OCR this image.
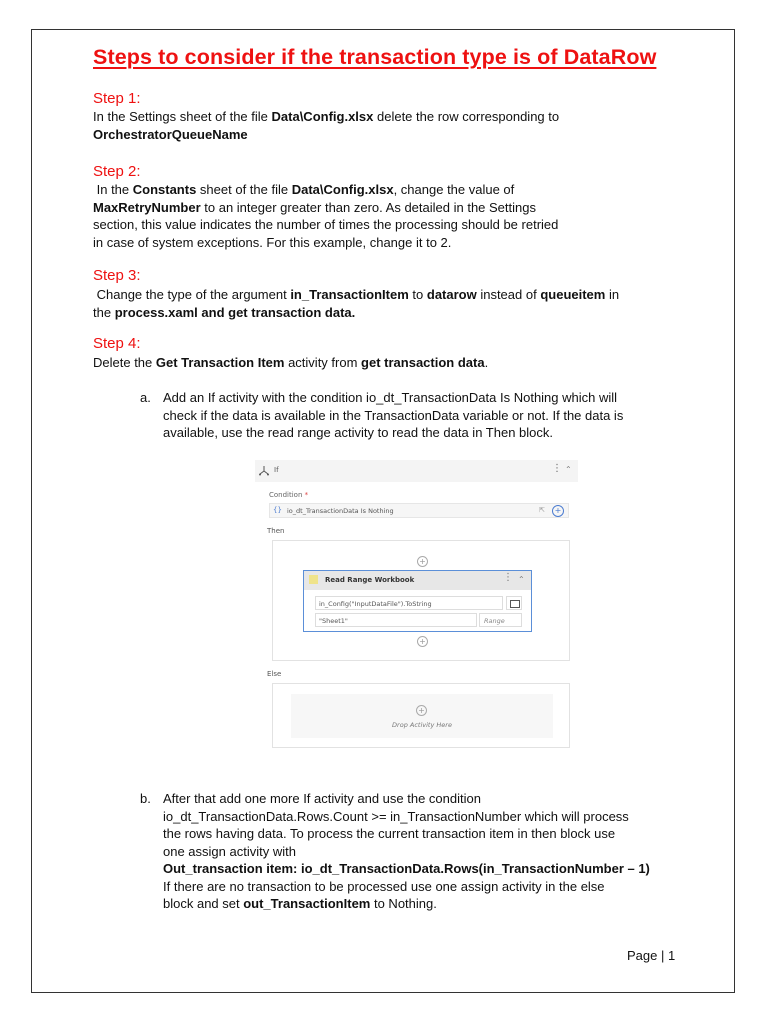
Steps to consider if the transaction type is of DataRow
Step 1:
In the Settings sheet of the file Data\Config.xlsx delete the row corresponding to
OrchestratorQueueName
Step 2:
In the Constants sheet of the file Data\Config.xlsx, change the value of
MaxRetryNumber to an integer greater than zero. As detailed in the Settings
section, this value indicates the number of times the processing should be retried
in case of system exceptions. For this example, change it to 2.
Step 3:
Change the type of the argument in_TransactionItem to datarow instead of queueitem in
the process.xaml and get transaction data.
Step 4:
Delete the Get Transaction Item activity from get transaction data.
a. Add an If activity with the condition io_dt_TransactionData Is Nothing which will
check if the data is available in the TransactionData variable or not. If the data is
available, use the read range activity to read the data in Then block.
If	⋮ ⌃
Condition *
{} io_dt_TransactionData Is Nothing	⇱	+
Then
+
+
Read Range Workbook	⋮ ⌃
in_Config("InputDataFile").ToString
"Sheet1"	Range
Else
+
Drop Activity Here
b. After that add one more If activity and use the condition
io_dt_TransactionData.Rows.Count >= in_TransactionNumber which will process
the rows having data. To process the current transaction item in then block use
one assign activity with
Out_transaction item: io_dt_TransactionData.Rows(in_TransactionNumber – 1)
If there are no transaction to be processed use one assign activity in the else
block and set out_TransactionItem to Nothing.
Page | 1
